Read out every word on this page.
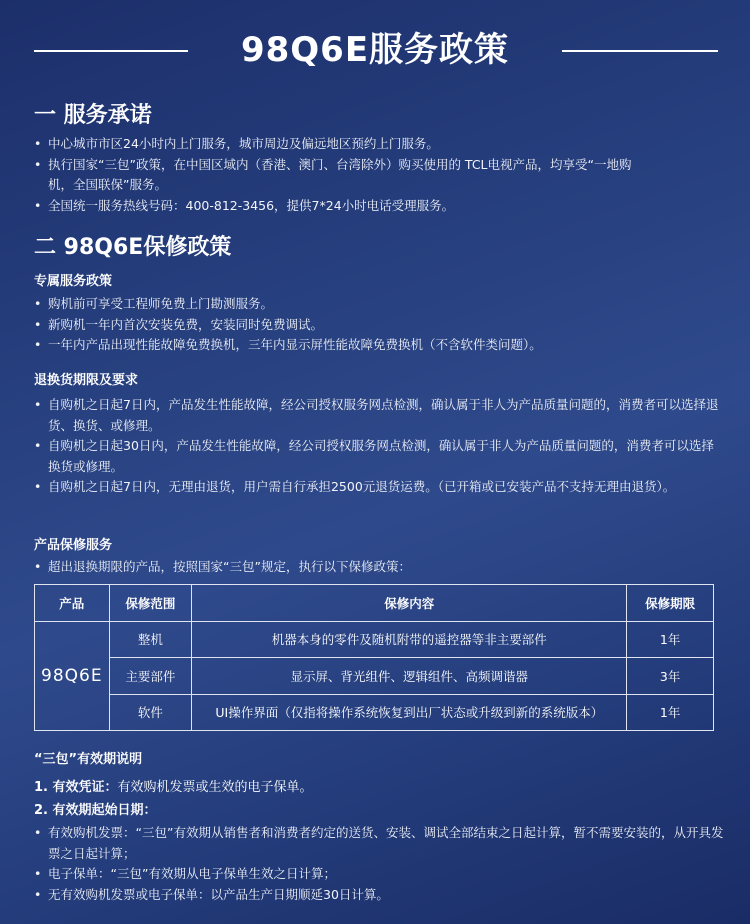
98Q6E服务政策
一 服务承诺
• 中心城市市区24小时内上门服务，城市周边及偏远地区预约上门服务。
• 执行国家“三包”政策，在中国区域内（香港、澳门、台湾除外）购买使用的 TCL电视产品，均享受“一地购机，全国联保”服务。
• 全国统一服务热线号码：400-812-3456，提供7*24小时电话受理服务。
二 98Q6E保修政策
专属服务政策
• 购机前可享受工程师免费上门勘测服务。
• 新购机一年内首次安装免费，安装同时免费调试。
• 一年内产品出现性能故障免费换机，三年内显示屏性能故障免费换机（不含软件类问题）。
退换货期限及要求
• 自购机之日起7日内，产品发生性能故障，经公司授权服务网点检测，确认属于非人为产品质量问题的，消费者可以选择退货、换货、或修理。
• 自购机之日起30日内，产品发生性能故障，经公司授权服务网点检测，确认属于非人为产品质量问题的，消费者可以选择换货或修理。
• 自购机之日起7日内，无理由退货，用户需自行承担2500元退货运费。（已开箱或已安装产品不支持无理由退货）。
产品保修服务
• 超出退换期限的产品，按照国家“三包”规定，执行以下保修政策：
产品	保修范围	保修内容	保修期限
98Q6E	整机	机器本身的零件及随机附带的遥控器等非主要部件	1年
	主要部件	显示屏、背光组件、逻辑组件、高频调谐器	3年
	软件	UI操作界面（仅指将操作系统恢复到出厂状态或升级到新的系统版本）	1年
“三包”有效期说明
1. 有效凭证：有效购机发票或生效的电子保单。
2. 有效期起始日期：
• 有效购机发票：“三包”有效期从销售者和消费者约定的送货、安装、调试全部结束之日起计算，暂不需要安装的，从开具发票之日起计算；
• 电子保单：“三包”有效期从电子保单生效之日计算；
• 无有效购机发票或电子保单：以产品生产日期顺延30日计算。
